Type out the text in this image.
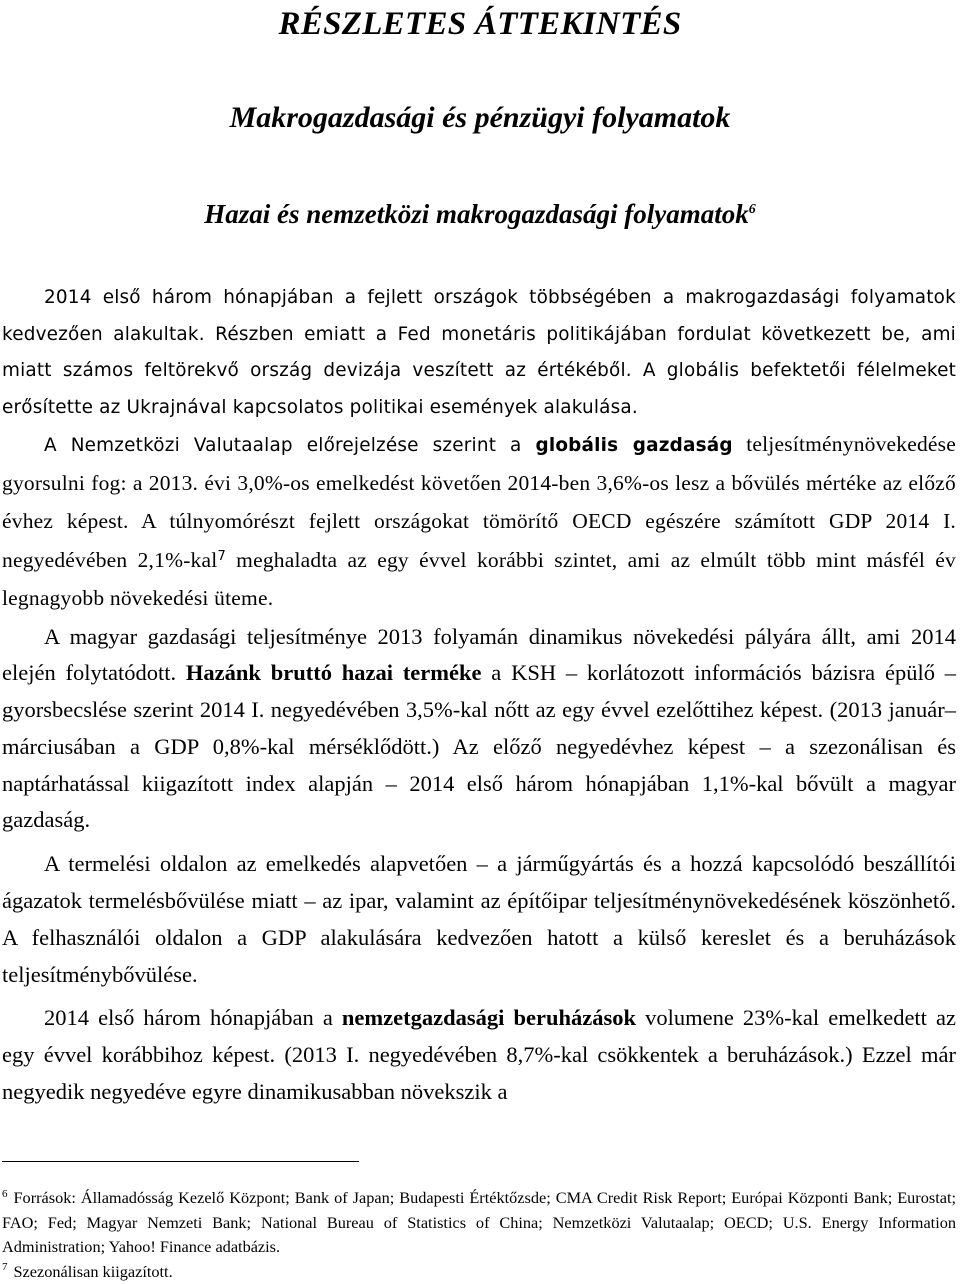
RÉSZLETES ÁTTEKINTÉS
Makrogazdasági és pénzügyi folyamatok
Hazai és nemzetközi makrogazdasági folyamatok$^6$

2014 első három hónapjában a fejlett országok többségében a makrogazdasági folyamatok kedvezően alakultak. Részben emiatt a Fed monetáris politikájában fordulat következett be, ami miatt számos feltörekvő ország devizája veszített az értékéből. A globális befektetői félelmeket erősítette az Ukrajnával kapcsolatos politikai események alakulása.

A Nemzetközi Valutaalap előrejelzése szerint a globális gazdaság teljesítménynövekedése gyorsulni fog: a 2013. évi 3,0%-os emelkedést követően 2014-ben 3,6%-os lesz a bővülés mértéke az előző évhez képest. A túlnyomórészt fejlett országokat tömörítő OECD egészére számított GDP 2014 I. negyedévében 2,1%-kal$^7$ meghaladta az egy évvel korábbi szintet, ami az elmúlt több mint másfél év legnagyobb növekedési üteme.

A magyar gazdasági teljesítménye 2013 folyamán dinamikus növekedési pályára állt, ami 2014 elején folytatódott. Hazánk bruttó hazai terméke a KSH – korlátozott információs bázisra épülő – gyorsbecslése szerint 2014 I. negyedévében 3,5%-kal nőtt az egy évvel ezelőttihez képest. (2013 január–márciusában a GDP 0,8%-kal mérséklődött.) Az előző negyedévhez képest – a szezonálisan és naptárhatással kiigazított index alapján – 2014 első három hónapjában 1,1%-kal bővült a magyar gazdaság.

A termelési oldalon az emelkedés alapvetően – a járműgyártás és a hozzá kapcsolódó beszállítói ágazatok termelésbővülése miatt – az ipar, valamint az építőipar teljesítménynövekedésének köszönhető. A felhasználói oldalon a GDP alakulására kedvezően hatott a külső kereslet és a beruházások teljesítménybővülése.

2014 első három hónapjában a nemzetgazdasági beruházások volumene 23%-kal emelkedett az egy évvel korábbihoz képest. (2013 I. negyedévében 8,7%-kal csökkentek a beruházások.) Ezzel már negyedik negyedéve egyre dinamikusabban növekszik a

$^6$ Források: Államadósság Kezelő Központ; Bank of Japan; Budapesti Értéktőzsde; CMA Credit Risk Report; Európai Központi Bank; Eurostat; FAO; Fed; Magyar Nemzeti Bank; National Bureau of Statistics of China; Nemzetközi Valutaalap; OECD; U.S. Energy Information Administration; Yahoo! Finance adatbázis.

$^7$ Szezonálisan kiigazított.
